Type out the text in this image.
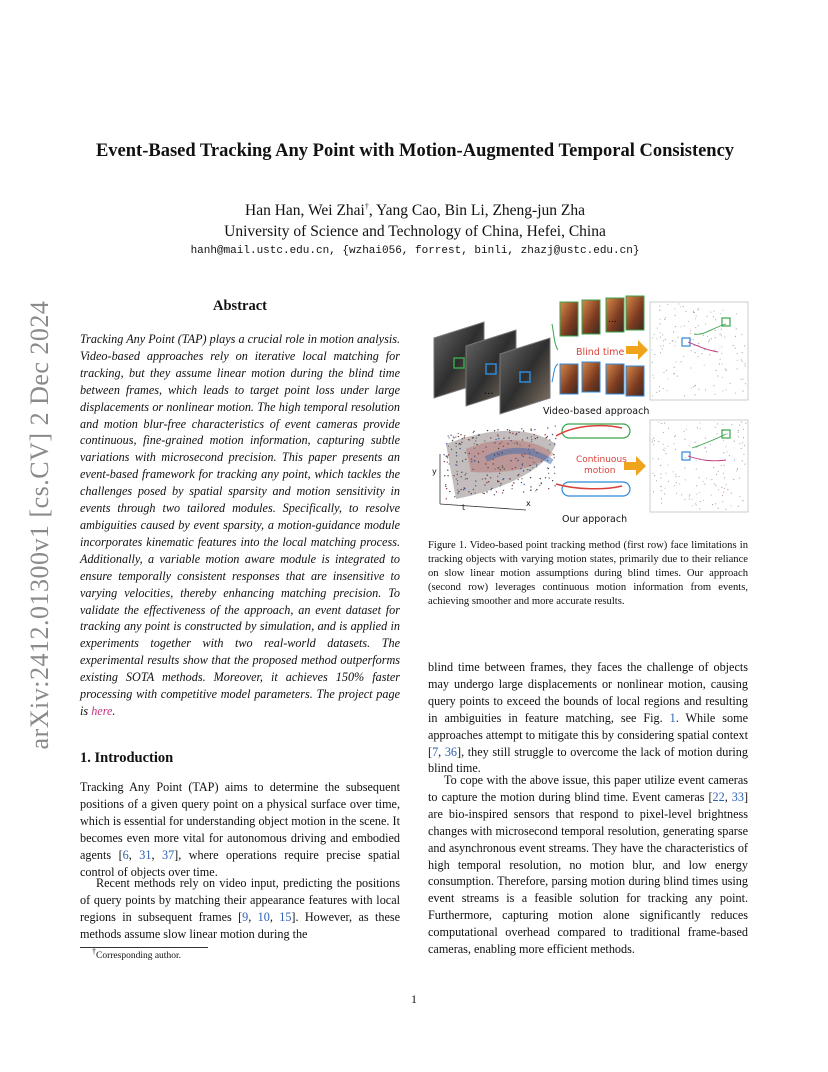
arXiv:2412.01300v1 [cs.CV] 2 Dec 2024
Event-Based Tracking Any Point with Motion-Augmented Temporal Consistency
Han Han, Wei Zhai†, Yang Cao, Bin Li, Zheng-jun Zha
University of Science and Technology of China, Hefei, China
hanh@mail.ustc.edu.cn, {wzhai056, forrest, binli, zhazj@ustc.edu.cn}
Abstract
Tracking Any Point (TAP) plays a crucial role in motion analysis. Video-based approaches rely on iterative local matching for tracking, but they assume linear motion during the blind time between frames, which leads to target point loss under large displacements or nonlinear motion. The high temporal resolution and motion blur-free characteristics of event cameras provide continuous, fine-grained motion information, capturing subtle variations with microsecond precision. This paper presents an event-based framework for tracking any point, which tackles the challenges posed by spatial sparsity and motion sensitivity in events through two tailored modules. Specifically, to resolve ambiguities caused by event sparsity, a motion-guidance module incorporates kinematic features into the local matching process. Additionally, a variable motion aware module is integrated to ensure temporally consistent responses that are insensitive to varying velocities, thereby enhancing matching precision. To validate the effectiveness of the approach, an event dataset for tracking any point is constructed by simulation, and is applied in experiments together with two real-world datasets. The experimental results show that the proposed method outperforms existing SOTA methods. Moreover, it achieves 150% faster processing with competitive model parameters. The project page is here.
1. Introduction
Tracking Any Point (TAP) aims to determine the subsequent positions of a given query point on a physical surface over time, which is essential for understanding object motion in the scene. It becomes even more vital for autonomous driving and embodied agents [6, 31, 37], where operations require precise spatial control of objects over time.
Recent methods rely on video input, predicting the positions of query points by matching their appearance features with local regions in subsequent frames [9, 10, 15]. However, as these methods assume slow linear motion during the
†Corresponding author.
...
...
Blind time
Video-based approach
y
t	x
Continuous
motion
Our apporach
Figure 1. Video-based point tracking method (first row) face limitations in tracking objects with varying motion states, primarily due to their reliance on slow linear motion assumptions during blind times. Our approach (second row) leverages continuous motion information from events, achieving smoother and more accurate results.
blind time between frames, they faces the challenge of objects may undergo large displacements or nonlinear motion, causing query points to exceed the bounds of local regions and resulting in ambiguities in feature matching, see Fig. 1. While some approaches attempt to mitigate this by considering spatial context [7, 36], they still struggle to overcome the lack of motion during blind time.
To cope with the above issue, this paper utilize event cameras to capture the motion during blind time. Event cameras [22, 33] are bio-inspired sensors that respond to pixel-level brightness changes with microsecond temporal resolution, generating sparse and asynchronous event streams. They have the characteristics of high temporal resolution, no motion blur, and low energy consumption. Therefore, parsing motion during blind times using event streams is a feasible solution for tracking any point. Furthermore, capturing motion alone significantly reduces computational overhead compared to traditional frame-based cameras, enabling more efficient methods.
1
